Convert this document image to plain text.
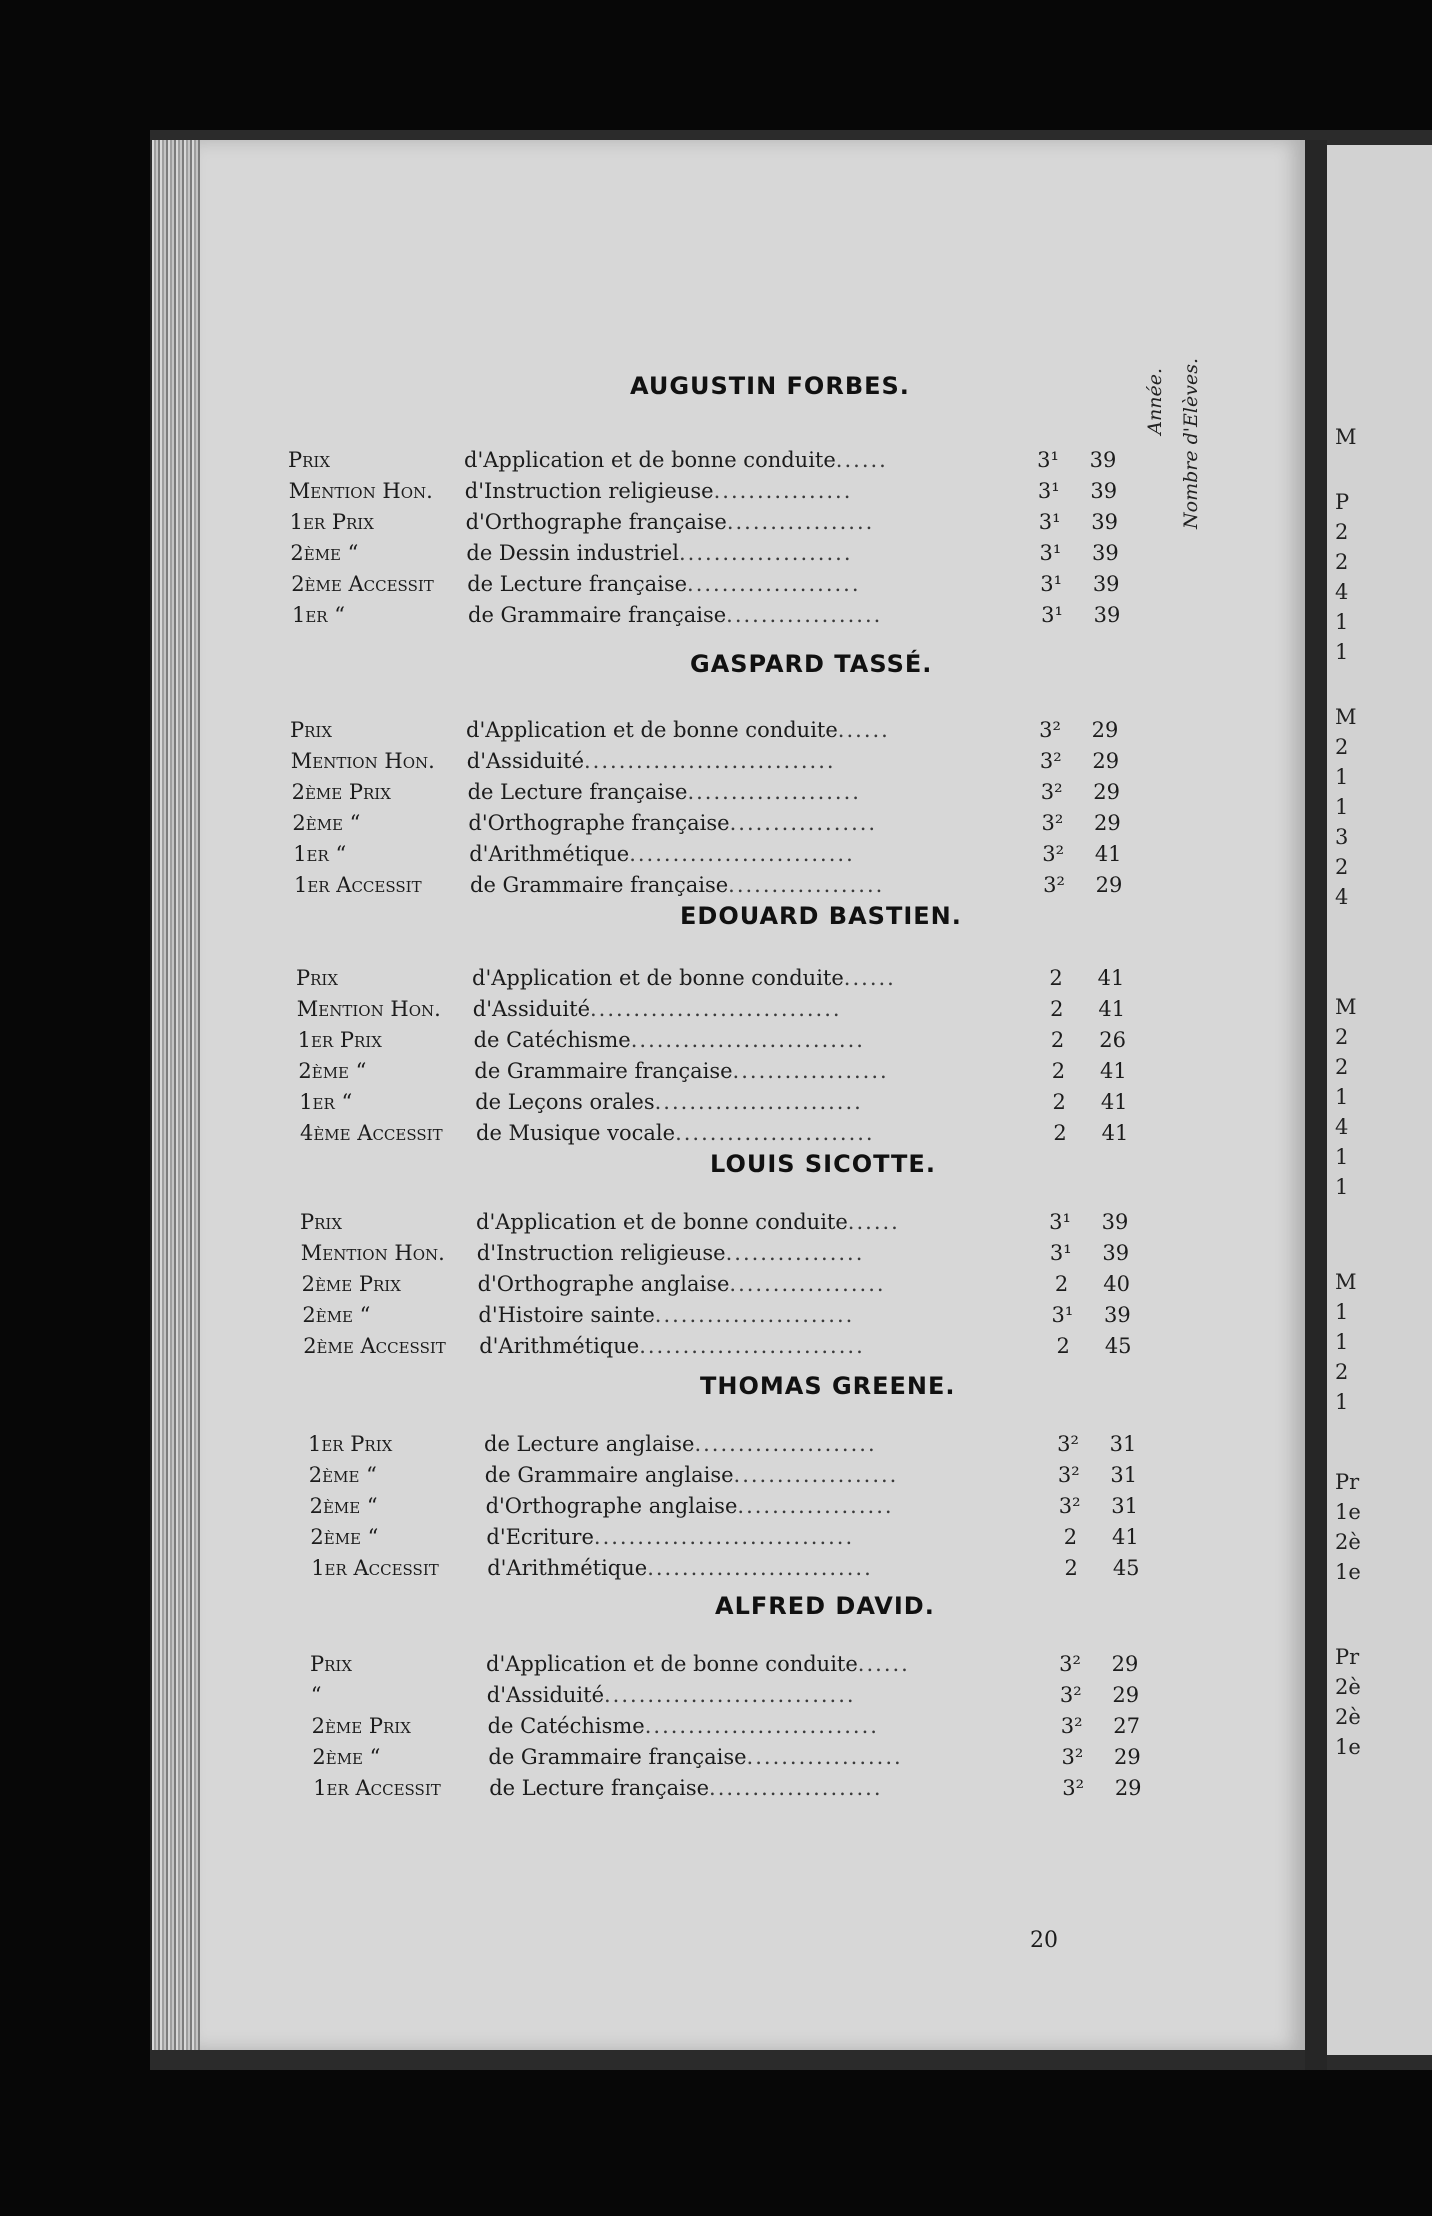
Année. Nombre d'Elèves.
20
AUGUSTIN FORBES.
Prix	d'Application et de bonne conduite......	3¹	39
Mention Hon.	d'Instruction religieuse................	3¹	39
1er Prix	d'Orthographe française.................	3¹	39
2ème “	de Dessin industriel....................	3¹	39
2ème Accessit	de Lecture française....................	3¹	39
1er “	de Grammaire française..................	3¹	39
GASPARD TASSÉ.
Prix	d'Application et de bonne conduite......	3²	29
Mention Hon.	d'Assiduité.............................	3²	29
2ème Prix	de Lecture française....................	3²	29
2ème “	d'Orthographe française.................	3²	29
1er “	d'Arithmétique..........................	3²	41
1er Accessit	de Grammaire française..................	3²	29
EDOUARD BASTIEN.
Prix	d'Application et de bonne conduite......	2	41
Mention Hon.	d'Assiduité.............................	2	41
1er Prix	de Catéchisme...........................	2	26
2ème “	de Grammaire française..................	2	41
1er “	de Leçons orales........................	2	41
4ème Accessit	de Musique vocale.......................	2	41
LOUIS SICOTTE.
Prix	d'Application et de bonne conduite......	3¹	39
Mention Hon.	d'Instruction religieuse................	3¹	39
2ème Prix	d'Orthographe anglaise..................	2	40
2ème “	d'Histoire sainte.......................	3¹	39
2ème Accessit	d'Arithmétique..........................	2	45
THOMAS GREENE.
1er Prix	de Lecture anglaise.....................	3²	31
2ème “	de Grammaire anglaise...................	3²	31
2ème “	d'Orthographe anglaise..................	3²	31
2ème “	d'Ecriture..............................	2	41
1er Accessit	d'Arithmétique..........................	2	45
ALFRED DAVID.
Prix	d'Application et de bonne conduite......	3²	29
“	d'Assiduité.............................	3²	29
2ème Prix	de Catéchisme...........................	3²	27
2ème “	de Grammaire française..................	3²	29
1er Accessit	de Lecture française....................	3²	29
M
P
2
2
4
1
1
M
2
1
1
3
2
4
M
2
2
1
4
1
1
M
1
1
2
1
Pr
1e
2è
1e
Pr
2è
2è
1e
